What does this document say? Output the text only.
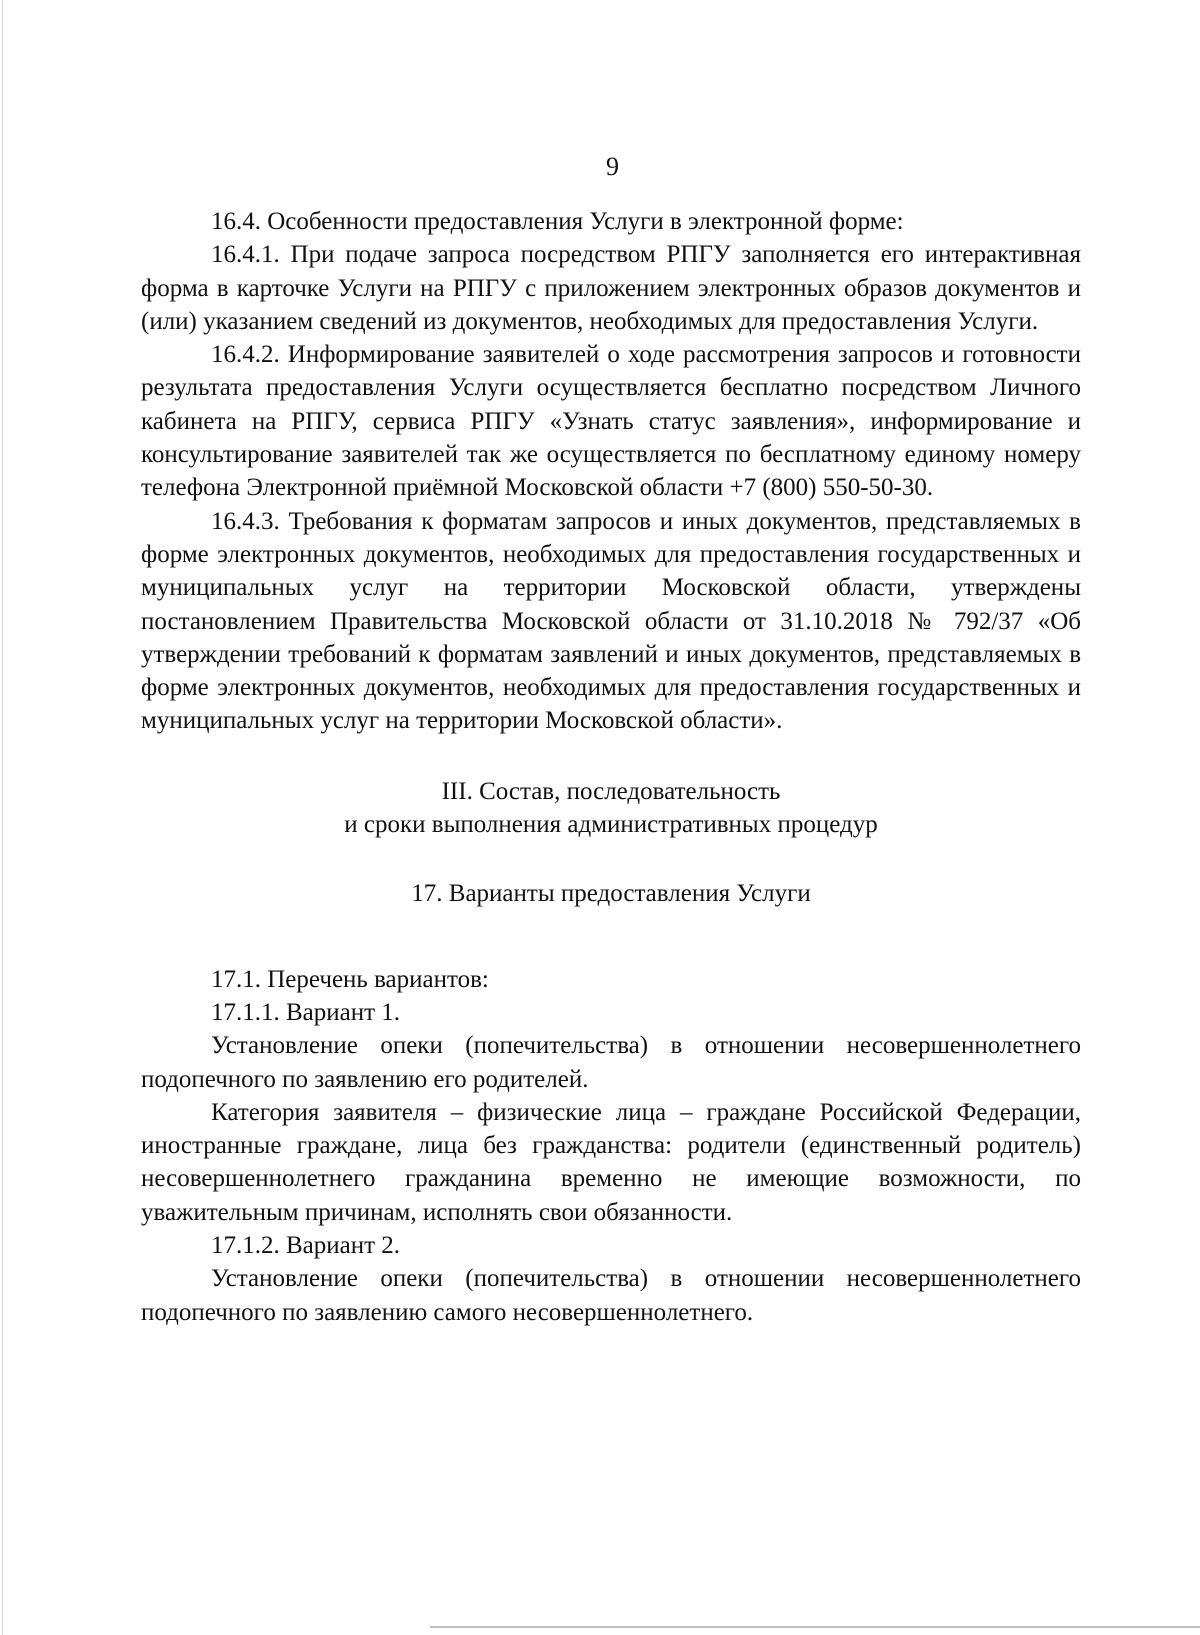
9

16.4. Особенности предоставления Услуги в электронной форме:

16.4.1. При подаче запроса посредством РПГУ заполняется его интерактивная форма в карточке Услуги на РПГУ с приложением электронных образов документов и (или) указанием сведений из документов, необходимых для предоставления Услуги.

16.4.2. Информирование заявителей о ходе рассмотрения запросов и готовности результата предоставления Услуги осуществляется бесплатно посредством Личного кабинета на РПГУ, сервиса РПГУ «Узнать статус заявления», информирование и консультирование заявителей так же осуществляется по бесплатному единому номеру телефона Электронной приёмной Московской области +7 (800) 550-50-30.

16.4.3. Требования к форматам запросов и иных документов, представляемых в форме электронных документов, необходимых для предоставления государственных и муниципальных услуг на территории Московской области, утверждены постановлением Правительства Московской области от 31.10.2018 № 792/37 «Об утверждении требований к форматам заявлений и иных документов, представляемых в форме электронных документов, необходимых для предоставления государственных и муниципальных услуг на территории Московской области».

III. Состав, последовательность

и сроки выполнения административных процедур

17. Варианты предоставления Услуги

17.1. Перечень вариантов:

17.1.1. Вариант 1.

Установление опеки (попечительства) в отношении несовершеннолетнего подопечного по заявлению его родителей.

Категория заявителя – физические лица – граждане Российской Федерации, иностранные граждане, лица без гражданства: родители (единственный родитель) несовершеннолетнего гражданина временно не имеющие возможности, по уважительным причинам, исполнять свои обязанности.

17.1.2. Вариант 2.

Установление опеки (попечительства) в отношении несовершеннолетнего подопечного по заявлению самого несовершеннолетнего.
